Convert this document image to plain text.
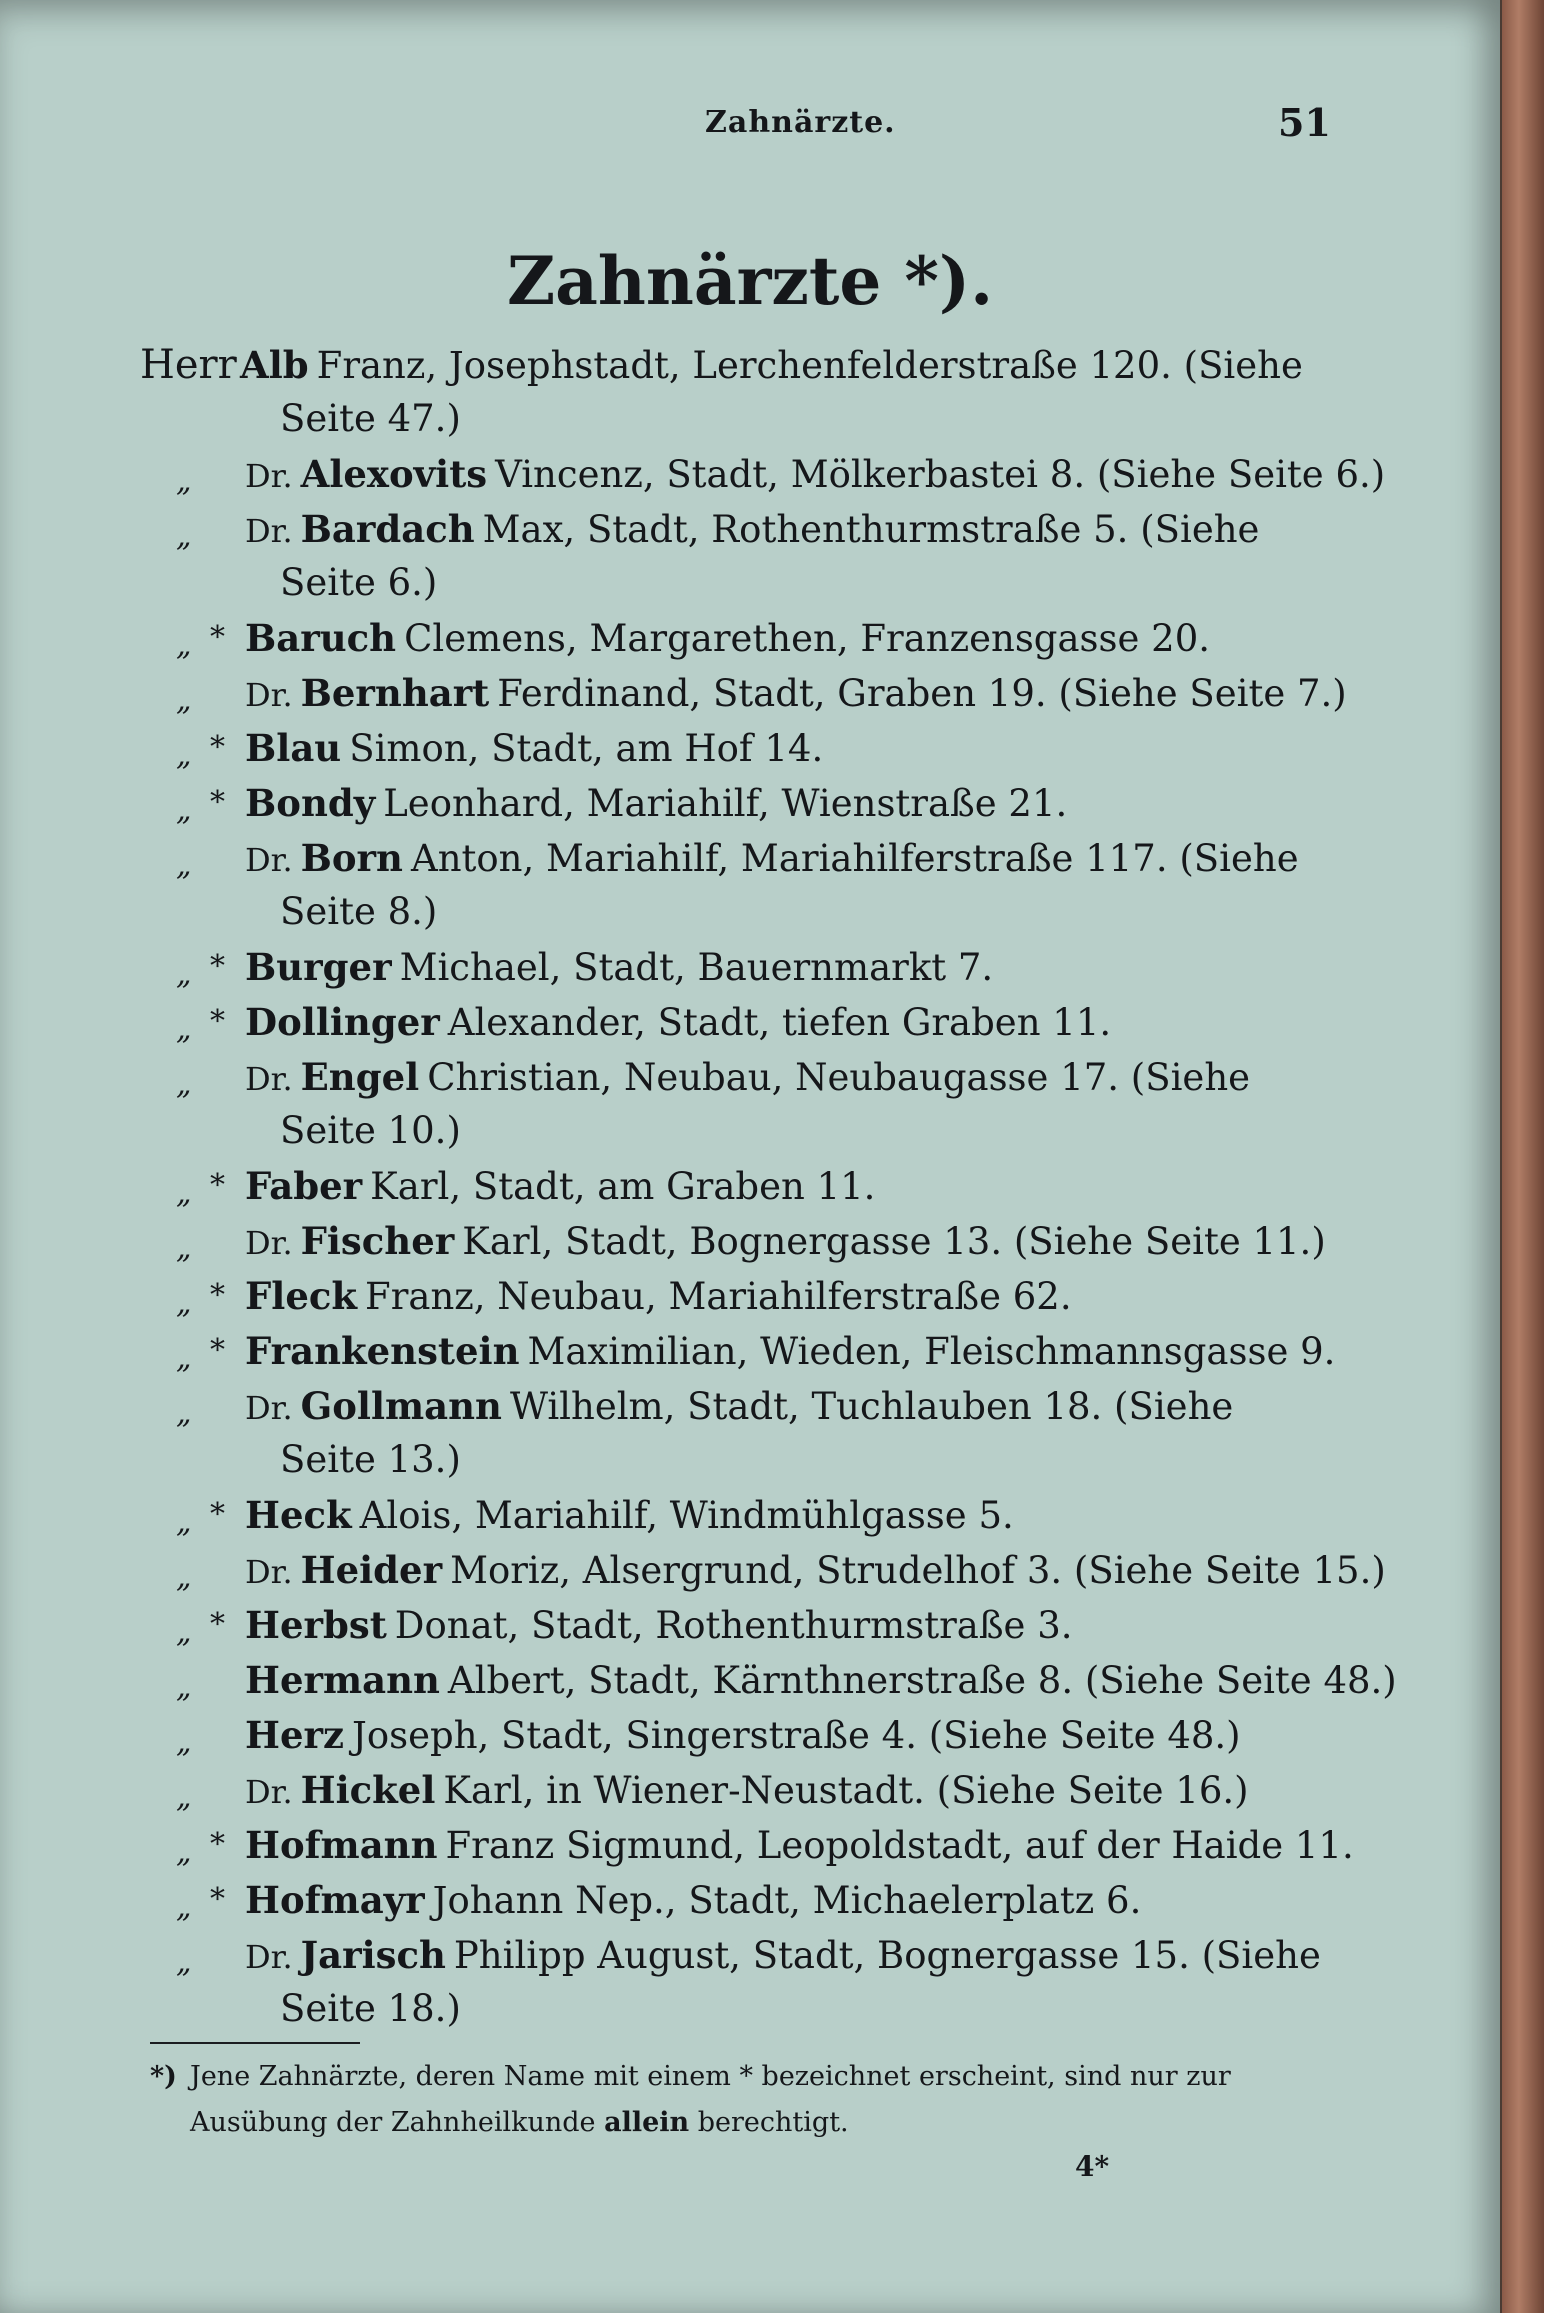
Zahnärzte.	51
Zahnärzte *).
Herr Alb Franz, Josephstadt, Lerchenfelderstraße 120. (Siehe
Seite 47.)
„ Dr. Alexovits Vincenz, Stadt, Mölkerbastei 8. (Siehe Seite 6.)
„ Dr. Bardach Max, Stadt, Rothenthurmstraße 5. (Siehe
Seite 6.)
„ * Baruch Clemens, Margarethen, Franzensgasse 20.
„ Dr. Bernhart Ferdinand, Stadt, Graben 19. (Siehe Seite 7.)
„ * Blau Simon, Stadt, am Hof 14.
„ * Bondy Leonhard, Mariahilf, Wienstraße 21.
„ Dr. Born Anton, Mariahilf, Mariahilferstraße 117. (Siehe
Seite 8.)
„ * Burger Michael, Stadt, Bauernmarkt 7.
„ * Dollinger Alexander, Stadt, tiefen Graben 11.
„ Dr. Engel Christian, Neubau, Neubaugasse 17. (Siehe
Seite 10.)
„ * Faber Karl, Stadt, am Graben 11.
„ Dr. Fischer Karl, Stadt, Bognergasse 13. (Siehe Seite 11.)
„ * Fleck Franz, Neubau, Mariahilferstraße 62.
„ * Frankenstein Maximilian, Wieden, Fleischmannsgasse 9.
„ Dr. Gollmann Wilhelm, Stadt, Tuchlauben 18. (Siehe
Seite 13.)
„ * Heck Alois, Mariahilf, Windmühlgasse 5.
„ Dr. Heider Moriz, Alsergrund, Strudelhof 3. (Siehe Seite 15.)
„ * Herbst Donat, Stadt, Rothenthurmstraße 3.
„ Hermann Albert, Stadt, Kärnthnerstraße 8. (Siehe Seite 48.)
„ Herz Joseph, Stadt, Singerstraße 4. (Siehe Seite 48.)
„ Dr. Hickel Karl, in Wiener-Neustadt. (Siehe Seite 16.)
„ * Hofmann Franz Sigmund, Leopoldstadt, auf der Haide 11.
„ * Hofmayr Johann Nep., Stadt, Michaelerplatz 6.
„ Dr. Jarisch Philipp August, Stadt, Bognergasse 15. (Siehe
Seite 18.)
*) Jene Zahnärzte, deren Name mit einem * bezeichnet erscheint, sind nur zur Ausübung der Zahnheilkunde allein berechtigt.
4*
